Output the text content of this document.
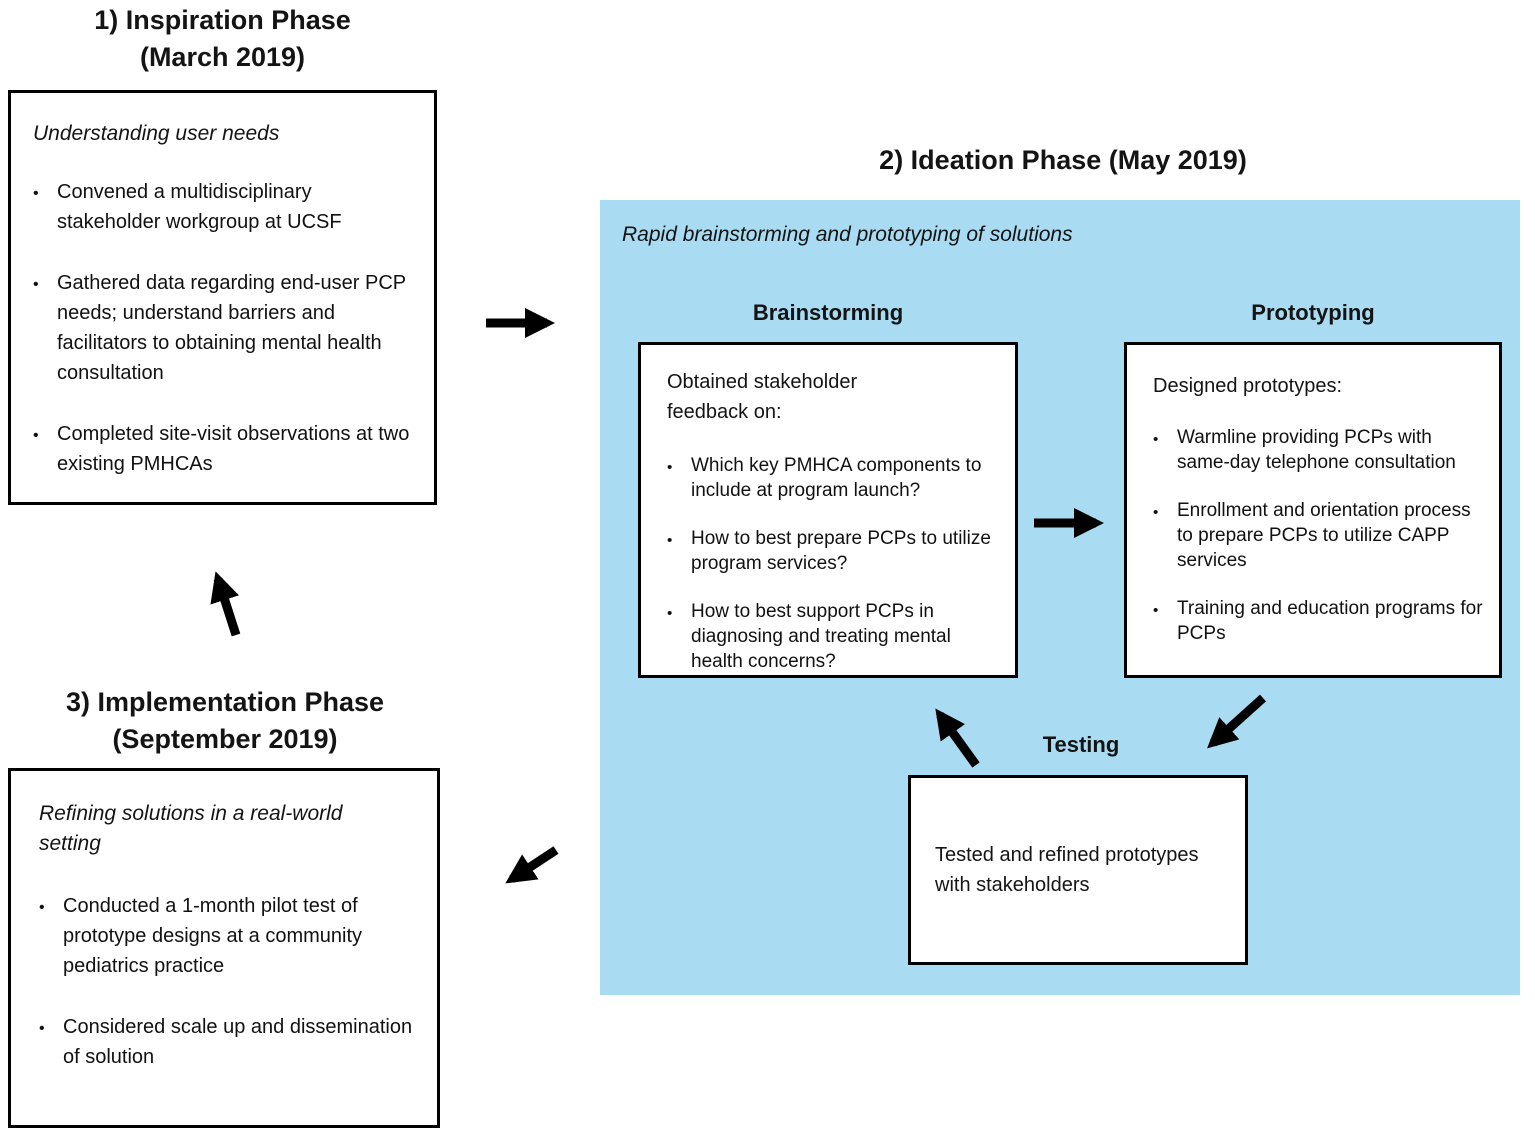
1) Inspiration Phase
(March 2019)
Understanding user needs
• Convened a multidisciplinary stakeholder workgroup at UCSF
• Gathered data regarding end-user PCP needs; understand barriers and facilitators to obtaining mental health consultation
• Completed site-visit observations at two existing PMHCAs
2) Ideation Phase (May 2019)
Rapid brainstorming and prototyping of solutions
Brainstorming
Obtained stakeholder feedback on:
• Which key PMHCA components to include at program launch?
• How to best prepare PCPs to utilize program services?
• How to best support PCPs in diagnosing and treating mental health concerns?
Prototyping
Designed prototypes:
• Warmline providing PCPs with same-day telephone consultation
• Enrollment and orientation process to prepare PCPs to utilize CAPP services
• Training and education programs for PCPs
Testing
Tested and refined prototypes with stakeholders
3) Implementation Phase
(September 2019)
Refining solutions in a real-world setting
• Conducted a 1-month pilot test of prototype designs at a community pediatrics practice
• Considered scale up and dissemination of solution
